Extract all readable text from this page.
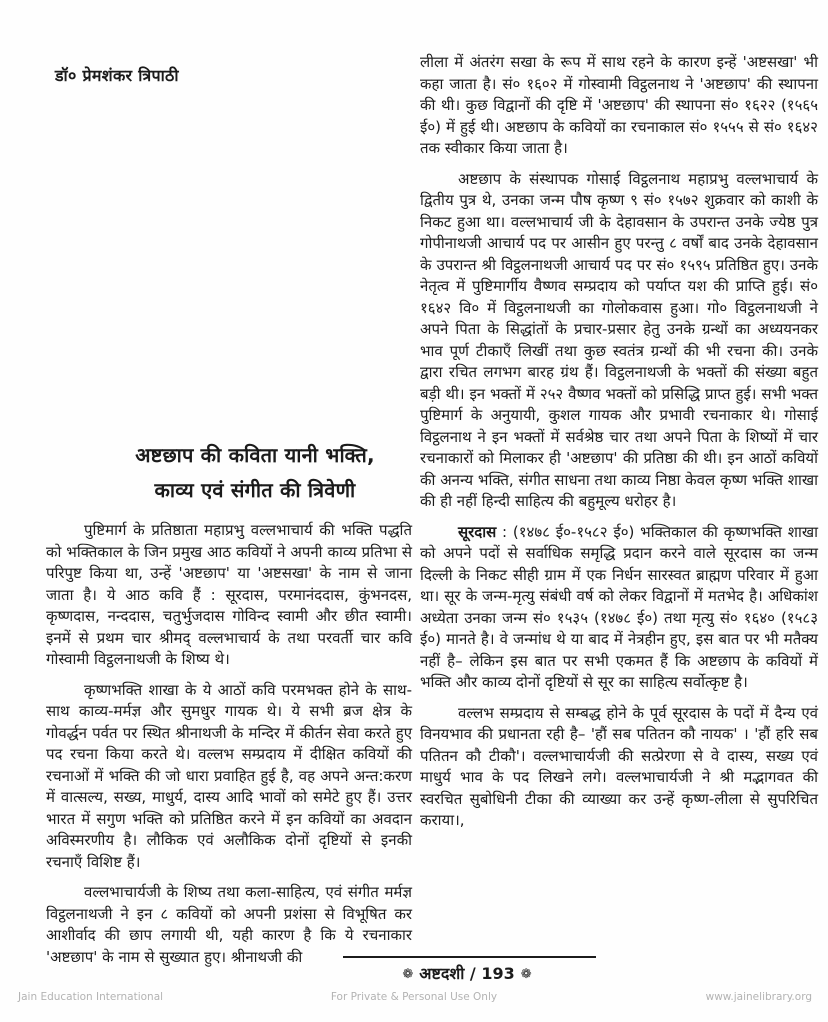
डॉ० प्रेमशंकर त्रिपाठी
अष्टछाप की कविता यानी भक्ति,
काव्य एवं संगीत की त्रिवेणी

पुष्टिमार्ग के प्रतिष्ठाता महाप्रभु वल्लभाचार्य की भक्ति पद्धति को भक्तिकाल के जिन प्रमुख आठ कवियों ने अपनी काव्य प्रतिभा से परिपुष्ट किया था, उन्हें 'अष्टछाप' या 'अष्टसखा' के नाम से जाना जाता है। ये आठ कवि हैं : सूरदास, परमानंददास, कुंभनदस, कृष्णदास, नन्ददास, चतुर्भुजदास गोविन्द स्वामी और छीत स्वामी। इनमें से प्रथम चार श्रीमद् वल्लभाचार्य के तथा परवर्ती चार कवि गोस्वामी विट्ठलनाथजी के शिष्य थे।

कृष्णभक्ति शाखा के ये आठों कवि परमभक्त होने के साथ-साथ काव्य-मर्मज्ञ और सुमधुर गायक थे। ये सभी ब्रज क्षेत्र के गोवर्द्धन पर्वत पर स्थित श्रीनाथजी के मन्दिर में कीर्तन सेवा करते हुए पद रचना किया करते थे। वल्लभ सम्प्रदाय में दीक्षित कवियों की रचनाओं में भक्ति की जो धारा प्रवाहित हुई है, वह अपने अन्त:करण में वात्सल्य, सख्य, माधुर्य, दास्य आदि भावों को समेटे हुए हैं। उत्तर भारत में सगुण भक्ति को प्रतिष्ठित करने में इन कवियों का अवदान अविस्मरणीय है। लौकिक एवं अलौकिक दोनों दृष्टियों से इनकी रचनाएँ विशिष्ट हैं।

वल्लभाचार्यजी के शिष्य तथा कला-साहित्य, एवं संगीत मर्मज्ञ विट्ठलनाथजी ने इन ८ कवियों को अपनी प्रशंसा से विभूषित कर आशीर्वाद की छाप लगायी थी, यही कारण है कि ये रचनाकार 'अष्टछाप' के नाम से सुख्यात हुए। श्रीनाथजी की

लीला में अंतरंग सखा के रूप में साथ रहने के कारण इन्हें 'अष्टसखा' भी कहा जाता है। सं० १६०२ में गोस्वामी विट्ठलनाथ ने 'अष्टछाप' की स्थापना की थी। कुछ विद्वानों की दृष्टि में 'अष्टछाप' की स्थापना सं० १६२२ (१५६५ ई०) में हुई थी। अष्टछाप के कवियों का रचनाकाल सं० १५५५ से सं० १६४२ तक स्वीकार किया जाता है।

अष्टछाप के संस्थापक गोसाई विट्ठलनाथ महाप्रभु वल्लभाचार्य के द्वितीय पुत्र थे, उनका जन्म पौष कृष्ण ९ सं० १५७२ शुक्रवार को काशी के निकट हुआ था। वल्लभाचार्य जी के देहावसान के उपरान्त उनके ज्येष्ठ पुत्र गोपीनाथजी आचार्य पद पर आसीन हुए परन्तु ८ वर्षों बाद उनके देहावसान के उपरान्त श्री विट्ठलनाथजी आचार्य पद पर सं० १५९५ प्रतिष्ठित हुए। उनके नेतृत्व में पुष्टिमार्गीय वैष्णव सम्प्रदाय को पर्याप्त यश की प्राप्ति हुई। सं० १६४२ वि० में विट्ठलनाथजी का गोलोकवास हुआ। गो० विट्ठलनाथजी ने अपने पिता के सिद्धांतों के प्रचार-प्रसार हेतु उनके ग्रन्थों का अध्ययनकर भाव पूर्ण टीकाएँ लिखीं तथा कुछ स्वतंत्र ग्रन्थों की भी रचना की। उनके द्वारा रचित लगभग बारह ग्रंथ हैं। विट्ठलनाथजी के भक्तों की संख्या बहुत बड़ी थी। इन भक्तों में २५२ वैष्णव भक्तों को प्रसिद्धि प्राप्त हुई। सभी भक्त पुष्टिमार्ग के अनुयायी, कुशल गायक और प्रभावी रचनाकार थे। गोसाई विट्ठलनाथ ने इन भक्तों में सर्वश्रेष्ठ चार तथा अपने पिता के शिष्यों में चार रचनाकारों को मिलाकर ही 'अष्टछाप' की प्रतिष्ठा की थी। इन आठों कवियों की अनन्य भक्ति, संगीत साधना तथा काव्य निष्ठा केवल कृष्ण भक्ति शाखा की ही नहीं हिन्दी साहित्य की बहुमूल्य धरोहर है।

सूरदास : (१४७८ ई०-१५८२ ई०) भक्तिकाल की कृष्णभक्ति शाखा को अपने पदों से सर्वाधिक समृद्धि प्रदान करने वाले सूरदास का जन्म दिल्ली के निकट सीही ग्राम में एक निर्धन सारस्वत ब्राह्मण परिवार में हुआ था। सूर के जन्म-मृत्यु संबंधी वर्ष को लेकर विद्वानों में मतभेद है। अधिकांश अध्येता उनका जन्म सं० १५३५ (१४७८ ई०) तथा मृत्यु सं० १६४० (१५८३ ई०) मानते है। वे जन्मांध थे या बाद में नेत्रहीन हुए, इस बात पर भी मतैक्य नहीं है– लेकिन इस बात पर सभी एकमत हैं कि अष्टछाप के कवियों में भक्ति और काव्य दोनों दृष्टियों से सूर का साहित्य सर्वोत्कृष्ट है।

वल्लभ सम्प्रदाय से सम्बद्ध होने के पूर्व सूरदास के पदों में दैन्य एवं विनयभाव की प्रधानता रही है– 'हौं सब पतितन कौ नायक' । 'हौं हरि सब पतितन कौ टीकौ'। वल्लभाचार्यजी की सत्प्रेरणा से वे दास्य, सख्य एवं माधुर्य भाव के पद लिखने लगे। वल्लभाचार्यजी ने श्री मद्भागवत की स्वरचित सुबोधिनी टीका की व्याख्या कर उन्हें कृष्ण-लीला से सुपरिचित कराया।,

❁ अष्टदशी / 193 ❁
For Private & Personal Use Only
Jain Education International	www.jainelibrary.org
